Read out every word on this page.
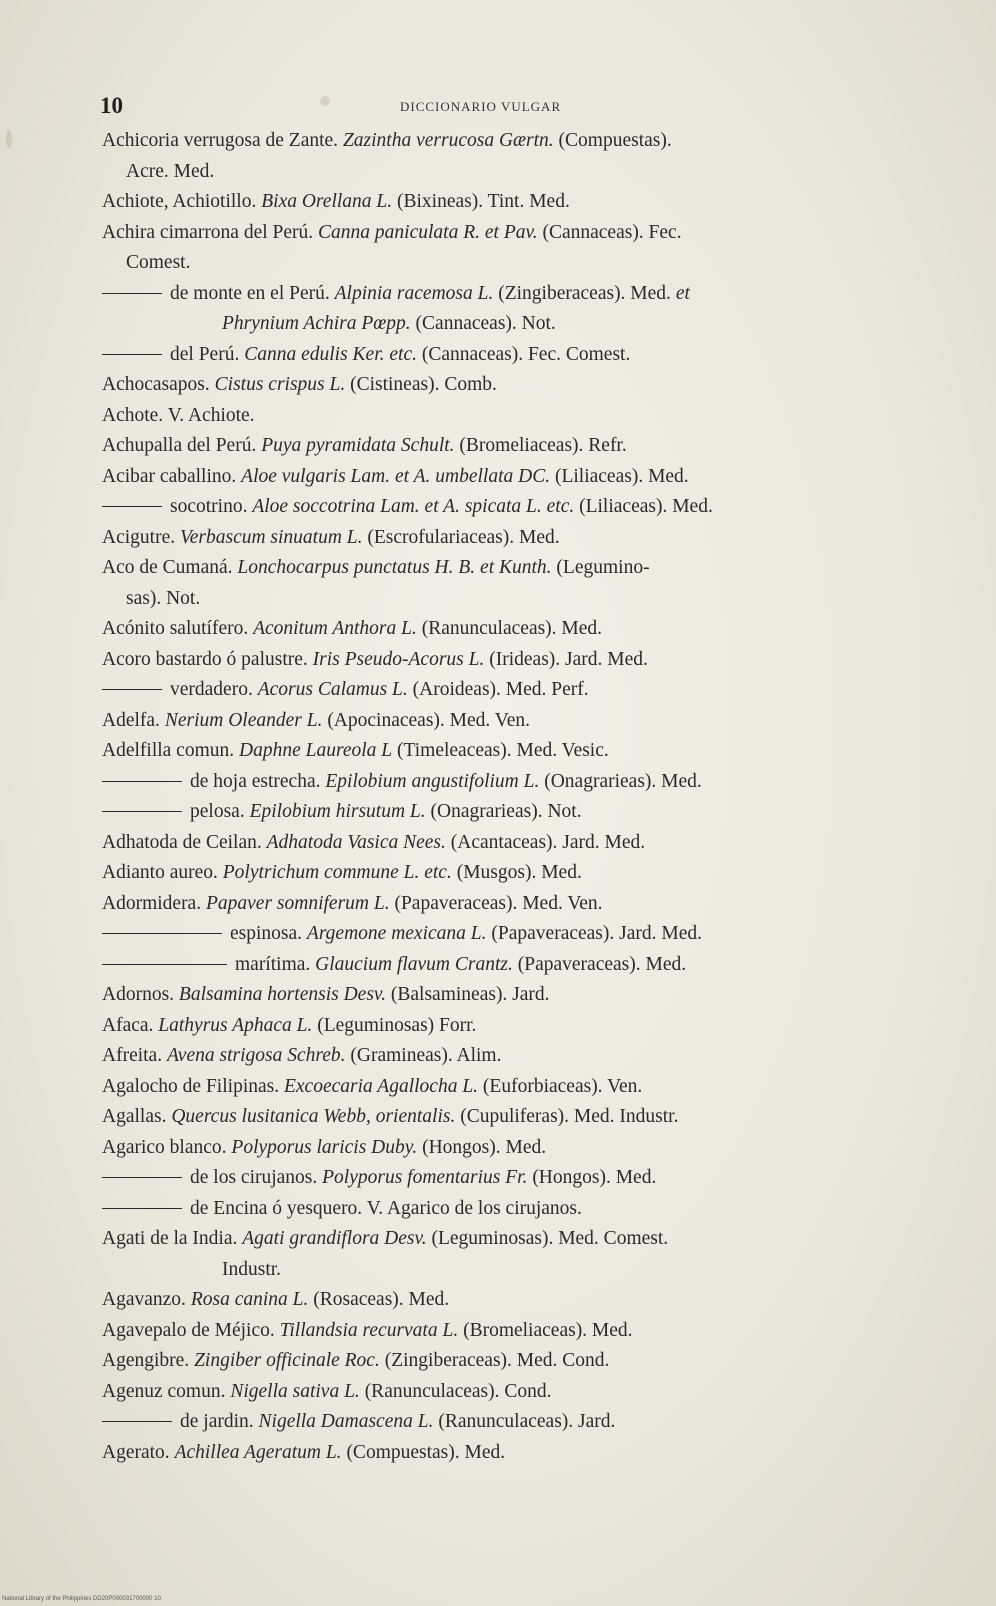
10	DICCIONARIO VULGAR
Achicoria verrugosa de Zante. Zazintha verrucosa Gærtn. (Compuestas).
Acre. Med.
Achiote, Achiotillo. Bixa Orellana L. (Bixineas). Tint. Med.
Achira cimarrona del Perú. Canna paniculata R. et Pav. (Cannaceas). Fec.
Comest.
de monte en el Perú. Alpinia racemosa L. (Zingiberaceas). Med. et
Phrynium Achira Pœpp. (Cannaceas). Not.
del Perú. Canna edulis Ker. etc. (Cannaceas). Fec. Comest.
Achocasapos. Cistus crispus L. (Cistineas). Comb.
Achote. V. Achiote.
Achupalla del Perú. Puya pyramidata Schult. (Bromeliaceas). Refr.
Acibar caballino. Aloe vulgaris Lam. et A. umbellata DC. (Liliaceas). Med.
socotrino. Aloe soccotrina Lam. et A. spicata L. etc. (Liliaceas). Med.
Acigutre. Verbascum sinuatum L. (Escrofulariaceas). Med.
Aco de Cumaná. Lonchocarpus punctatus H. B. et Kunth. (Legumino-
sas). Not.
Acónito salutífero. Aconitum Anthora L. (Ranunculaceas). Med.
Acoro bastardo ó palustre. Iris Pseudo-Acorus L. (Irideas). Jard. Med.
verdadero. Acorus Calamus L. (Aroideas). Med. Perf.
Adelfa. Nerium Oleander L. (Apocinaceas). Med. Ven.
Adelfilla comun. Daphne Laureola L (Timeleaceas). Med. Vesic.
de hoja estrecha. Epilobium angustifolium L. (Onagrarieas). Med.
pelosa. Epilobium hirsutum L. (Onagrarieas). Not.
Adhatoda de Ceilan. Adhatoda Vasica Nees. (Acantaceas). Jard. Med.
Adianto aureo. Polytrichum commune L. etc. (Musgos). Med.
Adormidera. Papaver somniferum L. (Papaveraceas). Med. Ven.
espinosa. Argemone mexicana L. (Papaveraceas). Jard. Med.
marítima. Glaucium flavum Crantz. (Papaveraceas). Med.
Adornos. Balsamina hortensis Desv. (Balsamineas). Jard.
Afaca. Lathyrus Aphaca L. (Leguminosas) Forr.
Afreita. Avena strigosa Schreb. (Gramineas). Alim.
Agalocho de Filipinas. Excoecaria Agallocha L. (Euforbiaceas). Ven.
Agallas. Quercus lusitanica Webb, orientalis. (Cupuliferas). Med. Industr.
Agarico blanco. Polyporus laricis Duby. (Hongos). Med.
de los cirujanos. Polyporus fomentarius Fr. (Hongos). Med.
de Encina ó yesquero. V. Agarico de los cirujanos.
Agati de la India. Agati grandiflora Desv. (Leguminosas). Med. Comest.
Industr.
Agavanzo. Rosa canina L. (Rosaceas). Med.
Agavepalo de Méjico. Tillandsia recurvata L. (Bromeliaceas). Med.
Agengibre. Zingiber officinale Roc. (Zingiberaceas). Med. Cond.
Agenuz comun. Nigella sativa L. (Ranunculaceas). Cond.
de jardin. Nigella Damascena L. (Ranunculaceas). Jard.
Agerato. Achillea Ageratum L. (Compuestas). Med.
National Library of the Philippines DD20P000031700000 10
